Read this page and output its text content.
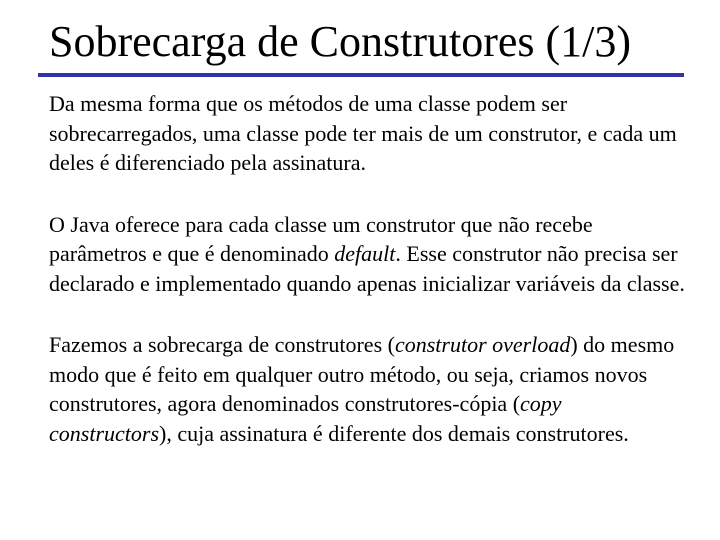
Sobrecarga de Construtores (1/3)

Da mesma forma que os métodos de uma classe podem ser sobrecarregados, uma classe pode ter mais de um construtor, e cada um deles é diferenciado pela assinatura.

O Java oferece para cada classe um construtor que não recebe parâmetros e que é denominado default. Esse construtor não precisa ser declarado e implementado quando apenas inicializar variáveis da classe.

Fazemos a sobrecarga de construtores (construtor overload) do mesmo modo que é feito em qualquer outro método, ou seja, criamos novos construtores, agora denominados construtores-cópia (copy constructors), cuja assinatura é diferente dos demais construtores.
